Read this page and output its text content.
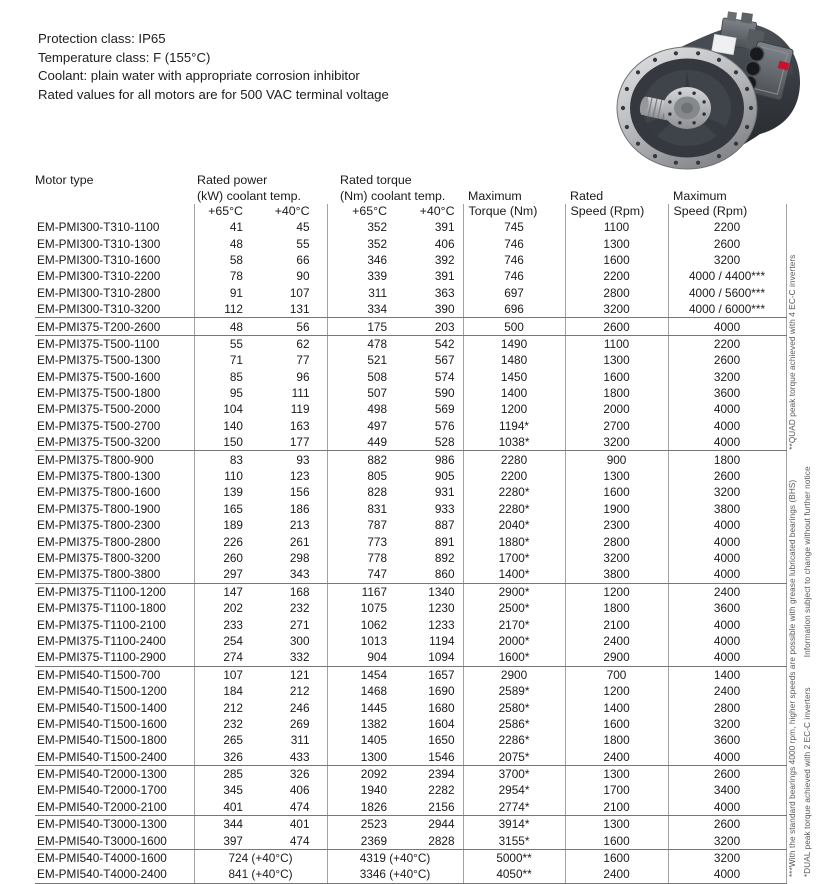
Protection class: IP65
Temperature class: F (155°C)
Coolant: plain water with appropriate corrosion inhibitor
Rated values for all motors are for 500 VAC terminal voltage
Motor type	Rated power		Rated torque				
	(kW) coolant temp.		(Nm) coolant temp.		Maximum	Rated	Maximum
	+65°C	+40°C	+65°C	+40°C	Torque (Nm)	Speed (Rpm)	Speed (Rpm)
EM-PMI300-T310-1100	41	45	352	391	745	1100	2200
EM-PMI300-T310-1300	48	55	352	406	746	1300	2600
EM-PMI300-T310-1600	58	66	346	392	746	1600	3200
EM-PMI300-T310-2200	78	90	339	391	746	2200	4000 / 4400***
EM-PMI300-T310-2800	91	107	311	363	697	2800	4000 / 5600***
EM-PMI300-T310-3200	112	131	334	390	696	3200	4000 / 6000***
EM-PMI375-T200-2600	48	56	175	203	500	2600	4000
EM-PMI375-T500-1100	55	62	478	542	1490	1100	2200
EM-PMI375-T500-1300	71	77	521	567	1480	1300	2600
EM-PMI375-T500-1600	85	96	508	574	1450	1600	3200
EM-PMI375-T500-1800	95	111	507	590	1400	1800	3600
EM-PMI375-T500-2000	104	119	498	569	1200	2000	4000
EM-PMI375-T500-2700	140	163	497	576	1194*	2700	4000
EM-PMI375-T500-3200	150	177	449	528	1038*	3200	4000
EM-PMI375-T800-900	83	93	882	986	2280	900	1800
EM-PMI375-T800-1300	110	123	805	905	2200	1300	2600
EM-PMI375-T800-1600	139	156	828	931	2280*	1600	3200
EM-PMI375-T800-1900	165	186	831	933	2280*	1900	3800
EM-PMI375-T800-2300	189	213	787	887	2040*	2300	4000
EM-PMI375-T800-2800	226	261	773	891	1880*	2800	4000
EM-PMI375-T800-3200	260	298	778	892	1700*	3200	4000
EM-PMI375-T800-3800	297	343	747	860	1400*	3800	4000
EM-PMI375-T1100-1200	147	168	1167	1340	2900*	1200	2400
EM-PMI375-T1100-1800	202	232	1075	1230	2500*	1800	3600
EM-PMI375-T1100-2100	233	271	1062	1233	2170*	2100	4000
EM-PMI375-T1100-2400	254	300	1013	1194	2000*	2400	4000
EM-PMI375-T1100-2900	274	332	904	1094	1600*	2900	4000
EM-PMI540-T1500-700	107	121	1454	1657	2900	700	1400
EM-PMI540-T1500-1200	184	212	1468	1690	2589*	1200	2400
EM-PMI540-T1500-1400	212	246	1445	1680	2580*	1400	2800
EM-PMI540-T1500-1600	232	269	1382	1604	2586*	1600	3200
EM-PMI540-T1500-1800	265	311	1405	1650	2286*	1800	3600
EM-PMI540-T1500-2400	326	433	1300	1546	2075*	2400	4000
EM-PMI540-T2000-1300	285	326	2092	2394	3700*	1300	2600
EM-PMI540-T2000-1700	345	406	1940	2282	2954*	1700	3400
EM-PMI540-T2000-2100	401	474	1826	2156	2774*	2100	4000
EM-PMI540-T3000-1300	344	401	2523	2944	3914*	1300	2600
EM-PMI540-T3000-1600	397	474	2369	2828	3155*	1600	3200
EM-PMI540-T4000-1600	724 (+40°C)		4319 (+40°C)		5000**	1600	3200
EM-PMI540-T4000-2400	841 (+40°C)		3346 (+40°C)		4050**	2400	4000	***With the standard bearings 4000 rpm, higher speeds are possible with grease lubricated bearings (BHS)**QUAD peak torque achieved with 4 EC-C inverters
*DUAL peak torque achieved with 2 EC-C invertersInformation subject to change without further notice
